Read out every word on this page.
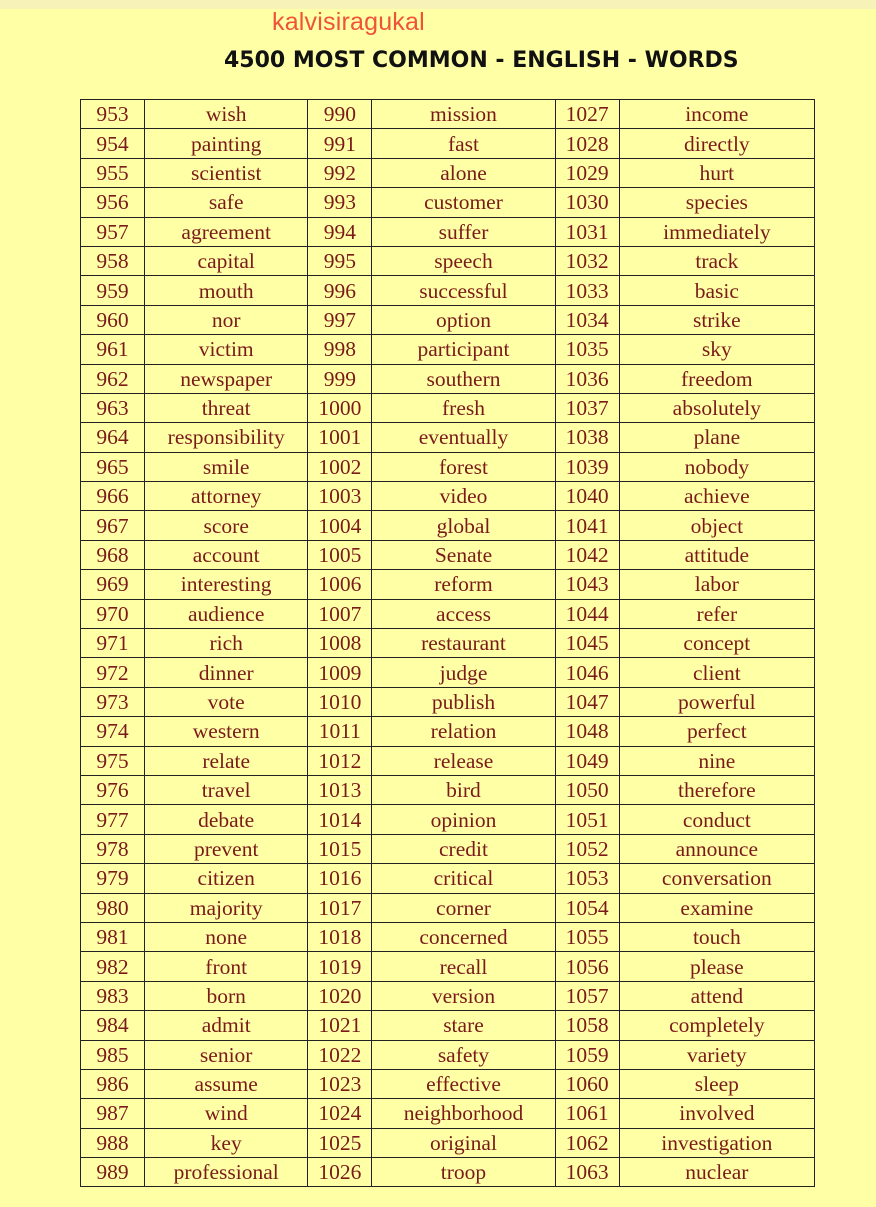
kalvisiragukal
4500 MOST COMMON - ENGLISH - WORDS
953	wish	990	mission	1027	income
954	painting	991	fast	1028	directly
955	scientist	992	alone	1029	hurt
956	safe	993	customer	1030	species
957	agreement	994	suffer	1031	immediately
958	capital	995	speech	1032	track
959	mouth	996	successful	1033	basic
960	nor	997	option	1034	strike
961	victim	998	participant	1035	sky
962	newspaper	999	southern	1036	freedom
963	threat	1000	fresh	1037	absolutely
964	responsibility	1001	eventually	1038	plane
965	smile	1002	forest	1039	nobody
966	attorney	1003	video	1040	achieve
967	score	1004	global	1041	object
968	account	1005	Senate	1042	attitude
969	interesting	1006	reform	1043	labor
970	audience	1007	access	1044	refer
971	rich	1008	restaurant	1045	concept
972	dinner	1009	judge	1046	client
973	vote	1010	publish	1047	powerful
974	western	1011	relation	1048	perfect
975	relate	1012	release	1049	nine
976	travel	1013	bird	1050	therefore
977	debate	1014	opinion	1051	conduct
978	prevent	1015	credit	1052	announce
979	citizen	1016	critical	1053	conversation
980	majority	1017	corner	1054	examine
981	none	1018	concerned	1055	touch
982	front	1019	recall	1056	please
983	born	1020	version	1057	attend
984	admit	1021	stare	1058	completely
985	senior	1022	safety	1059	variety
986	assume	1023	effective	1060	sleep
987	wind	1024	neighborhood	1061	involved
988	key	1025	original	1062	investigation
989	professional	1026	troop	1063	nuclear
